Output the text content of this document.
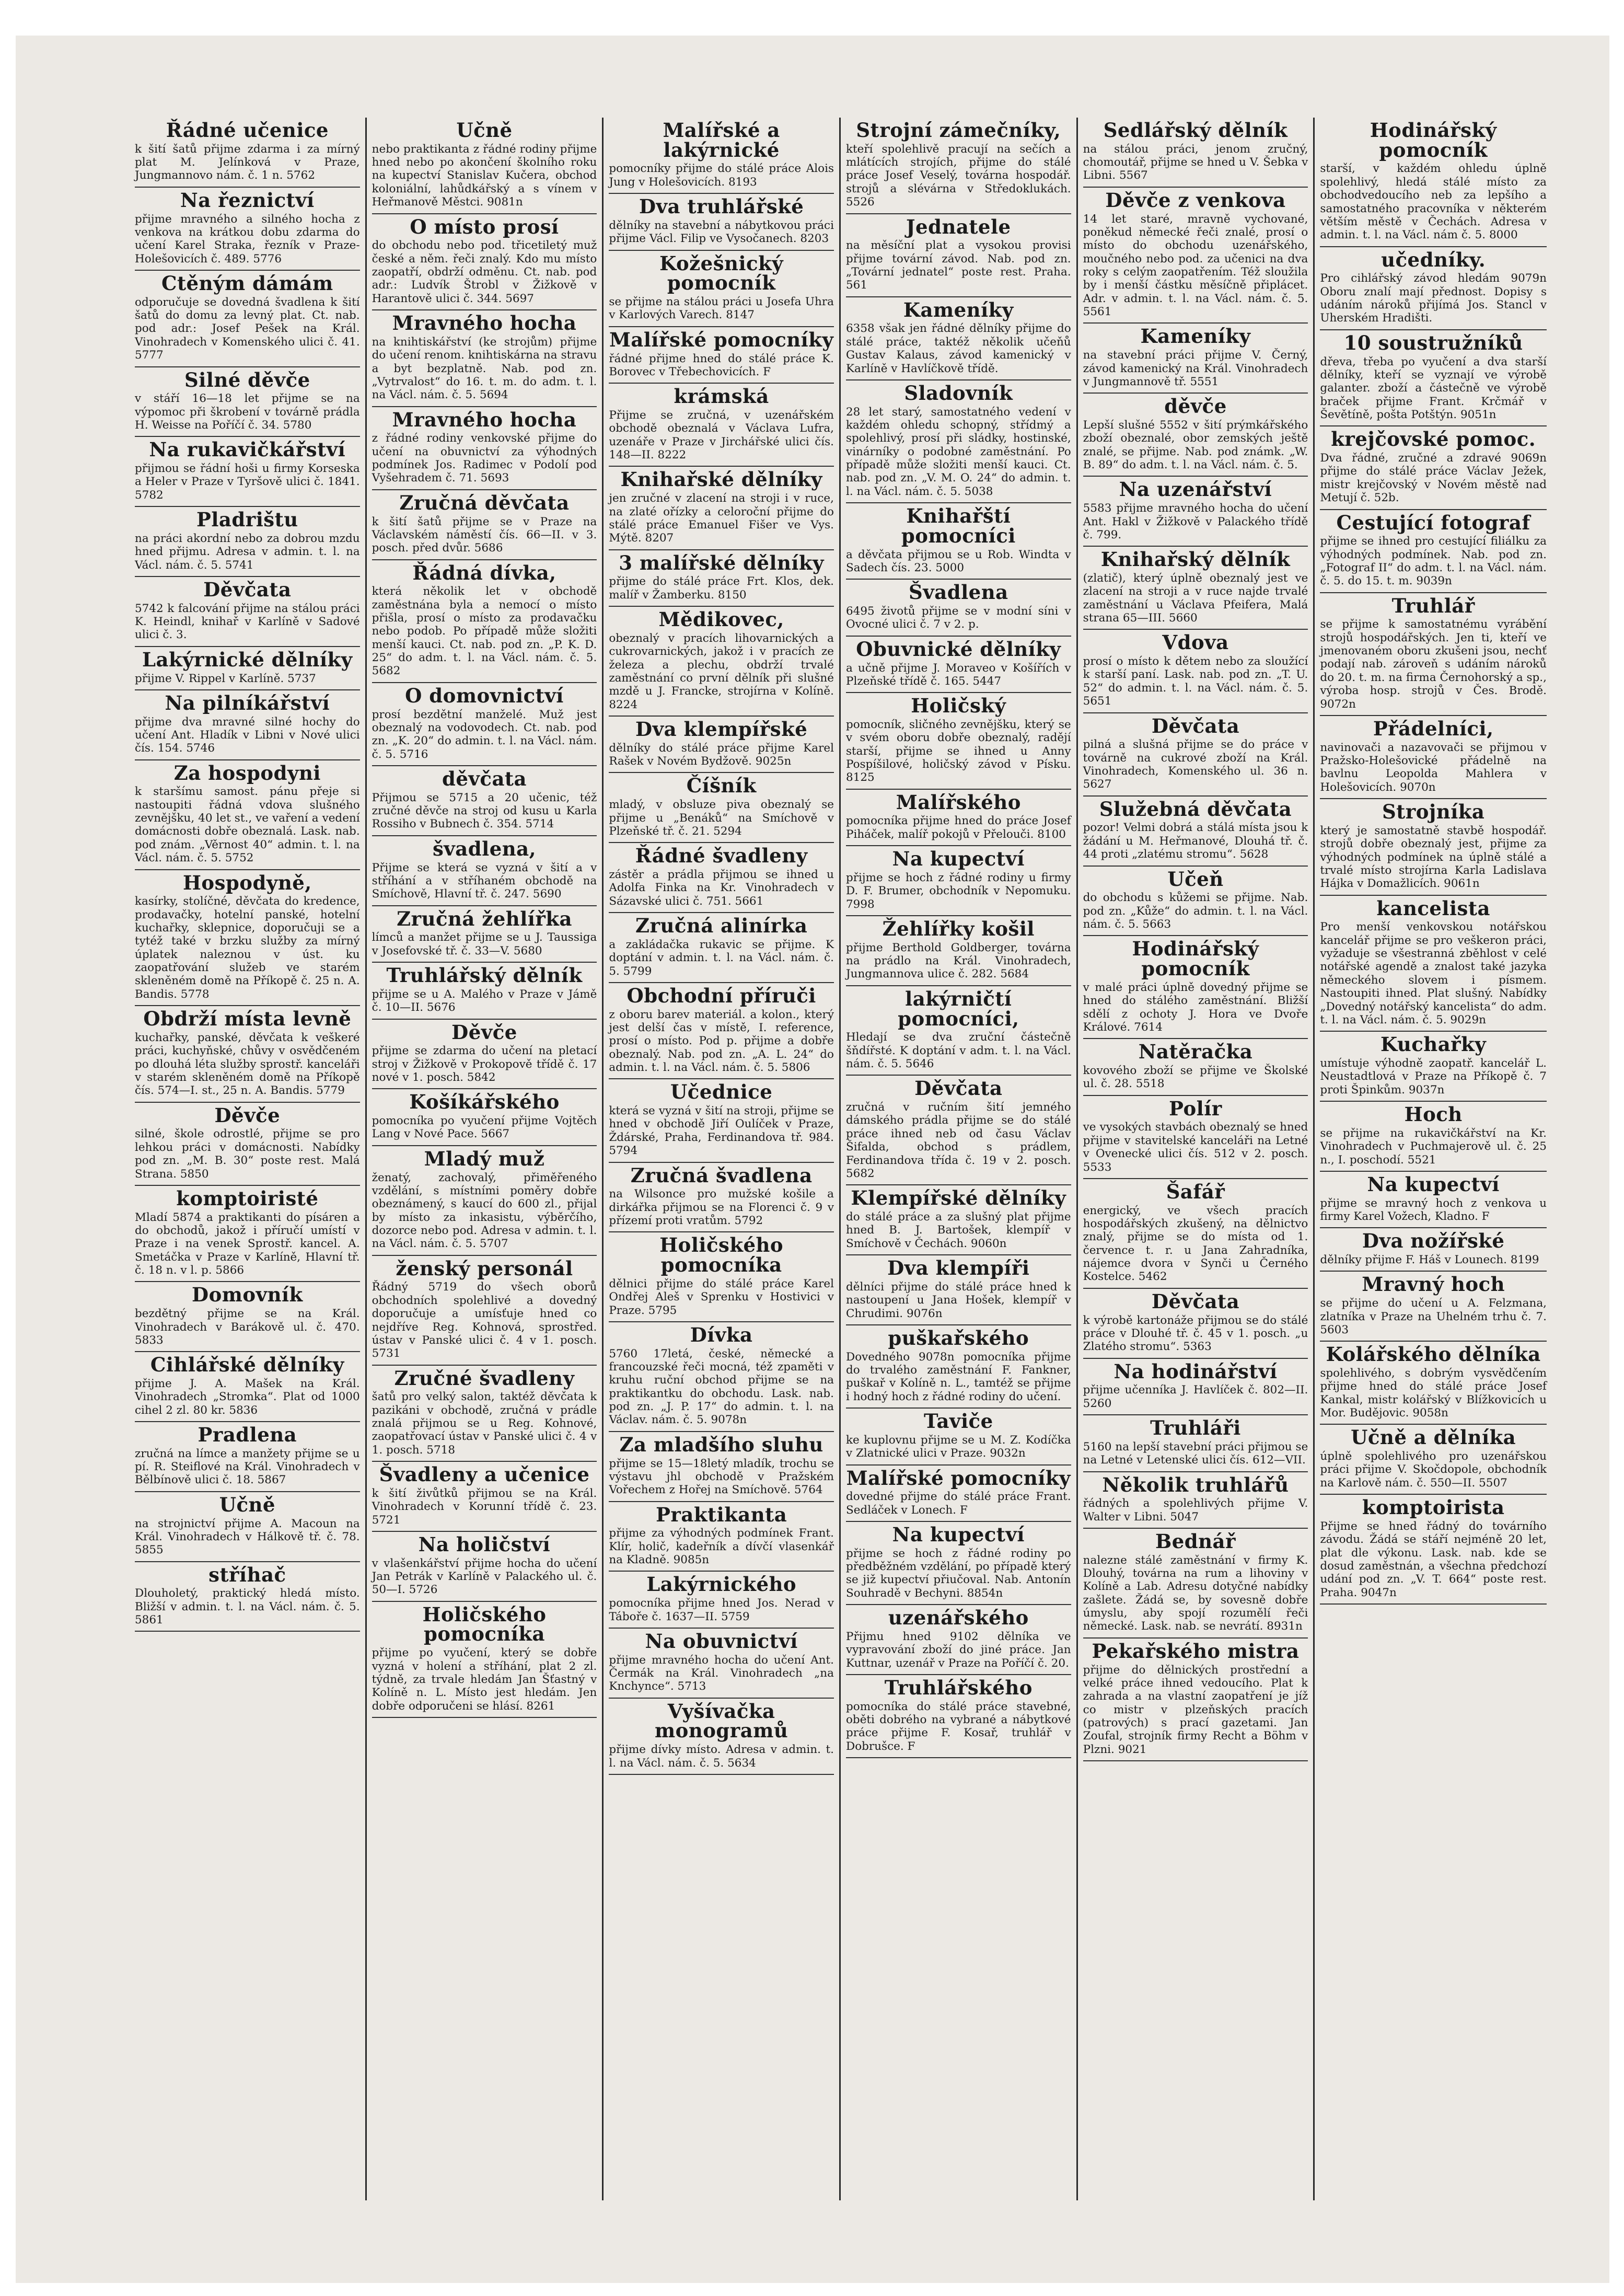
Řádné učenice

k šití šatů přijme zdarma i za mírný plat M. Jelínková v Praze, Jungmannovo nám. č. 1 n. 5762

Na řeznictví

přijme mravného a silného hocha z venkova na krátkou dobu zdarma do učení Karel Straka, řezník v Praze-Holešovicích č. 489. 5776

Ctěným dámám

odporučuje se dovedná švadlena k šití šatů do domu za levný plat. Ct. nab. pod adr.: Josef Pešek na Král. Vinohradech v Komenského ulici č. 41. 5777

Silné děvče

v stáří 16—18 let přijme se na výpomoc při škrobení v továrně prádla H. Weisse na Poříčí č. 34. 5780

Na rukavičkářství

přijmou se řádní hoši u firmy Korseska a Heler v Praze v Tyršově ulici č. 1841. 5782

Pladrištu

na práci akordní nebo za dobrou mzdu hned přijmu. Adresa v admin. t. l. na Václ. nám. č. 5. 5741

Děvčata

5742 k falcování přijme na stálou práci K. Heindl, knihař v Karlíně v Sadové ulici č. 3.

Lakýrnické dělníky

přijme V. Rippel v Karlíně. 5737

Na pilníkářství

přijme dva mravné silné hochy do učení Ant. Hladík v Libni v Nové ulici čís. 154. 5746

Za hospodyni

k staršímu samost. pánu přeje si nastoupiti řádná vdova slušného zevnějšku, 40 let st., ve vaření a vedení domácnosti dobře obeznalá. Lask. nab. pod znám. „Věrnost 40“ admin. t. l. na Václ. nám. č. 5. 5752

Hospodyně,

kasírky, stolíčné, děvčata do kredence, prodavačky, hotelní panské, hotelní kuchařky, sklepnice, doporučuji se a tytéž také v brzku služby za mírný úplatek naleznou v úst. ku zaopatřování služeb ve starém skleněném domě na Příkopě č. 25 n. A. Bandis. 5778

Obdrží místa levně

kuchařky, panské, děvčata k veškeré práci, kuchyňské, chůvy v osvědčeném po dlouhá léta služby sprostř. kanceláři v starém skleněném domě na Příkopě čís. 574—I. st., 25 n. A. Bandis. 5779

Děvče

silné, škole odrostlé, přijme se pro lehkou práci v domácnosti. Nabídky pod zn. „M. B. 30“ poste rest. Malá Strana. 5850

komptoiristé

Mladí 5874 a praktikanti do písáren a do obchodů, jakož i příručí umístí v Praze i na venek Sprostř. kancel. A. Smetáčka v Praze v Karlíně, Hlavní tř. č. 18 n. v l. p. 5866

Domovník

bezdětný přijme se na Král. Vinohradech v Barákově ul. č. 470. 5833

Cihlářské dělníky

přijme J. A. Mašek na Král. Vinohradech „Stromka“. Plat od 1000 cihel 2 zl. 80 kr. 5836

Pradlena

zručná na límce a manžety přijme se u pí. R. Steiflové na Král. Vinohradech v Bělbínově ulici č. 18. 5867

Učně

na strojnictví přijme A. Macoun na Král. Vinohradech v Hálkově tř. č. 78. 5855

stříhač

Dlouholetý, praktický hledá místo. Bližší v admin. t. l. na Václ. nám. č. 5. 5861

Učně

nebo praktikanta z řádné rodiny přijme hned nebo po akončení školního roku na kupectví Stanislav Kučera, obchod koloniální, lahůdkářský a s vínem v Heřmanově Městci. 9081n

O místo prosí

do obchodu nebo pod. třicetiletý muž české a něm. řeči znalý. Kdo mu místo zaopatří, obdrží odměnu. Ct. nab. pod adr.: Ludvík Štrobl v Žižkově v Harantově ulici č. 344. 5697

Mravného hocha

na knihtiskářství (ke strojům) přijme do učení renom. knihtiskárna na stravu a byt bezplatně. Nab. pod zn. „Vytrvalost“ do 16. t. m. do adm. t. l. na Václ. nám. č. 5. 5694

Mravného hocha

z řádné rodiny venkovské přijme do učení na obuvnictví za výhodných podmínek Jos. Radimec v Podolí pod Vyšehradem č. 71. 5693

Zručná děvčata

k šití šatů přijme se v Praze na Václavském náměstí čís. 66—II. v 3. posch. před dvůr. 5686

Řádná dívka,

která několik let v obchodě zaměstnána byla a nemocí o místo přišla, prosí o místo za prodavačku nebo podob. Po případě může složiti menší kauci. Ct. nab. pod zn. „P. K. D. 25“ do adm. t. l. na Václ. nám. č. 5. 5682

O domovnictví

prosí bezdětní manželé. Muž jest obeznalý na vodovodech. Ct. nab. pod zn. „K. 20“ do admin. t. l. na Václ. nám. č. 5. 5716

děvčata

Přijmou se 5715 a 20 učenic, též zručné děvče na stroj od kusu u Karla Rossiho v Bubnech č. 354. 5714

švadlena,

Přijme se která se vyzná v šití a v stříhání a v stříhaném obchodě na Smíchově, Hlavní tř. č. 247. 5690

Zručná žehlířka

límců a manžet přijme se u J. Taussiga v Josefovské tř. č. 33—V. 5680

Truhlářský dělník

přijme se u A. Malého v Praze v Jámě č. 10—II. 5676

Děvče

přijme se zdarma do učení na pletací stroj v Žižkově v Prokopově třídě č. 17 nové v 1. posch. 5842

Košíkářského

pomocníka po vyučení přijme Vojtěch Lang v Nové Pace. 5667

Mladý muž

ženatý, zachovalý, přiměřeného vzdělání, s místními poměry dobře obeznámený, s kaucí do 600 zl., přijal by místo za inkasistu, výběrčího, dozorce nebo pod. Adresa v admin. t. l. na Václ. nám. č. 5. 5707

ženský personál

Řádný 5719 do všech oborů obchodních spolehlivé a dovedný doporučuje a umísťuje hned co nejdříve Reg. Kohnová, sprostřed. ústav v Panské ulici č. 4 v 1. posch. 5731

Zručné švadleny

šatů pro velký salon, taktéž děvčata k pazikáni v obchodě, zručná v prádle znalá přijmou se u Reg. Kohnové, zaopatřovací ústav v Panské ulici č. 4 v 1. posch. 5718

Švadleny a učenice

k šití živůtků přijmou se na Král. Vinohradech v Korunní třídě č. 23. 5721

Na holičství

v vlašenkářství přijme hocha do učení Jan Petrák v Karlíně v Palackého ul. č. 50—I. 5726

Holičského pomocníka

přijme po vyučení, který se dobře vyzná v holení a stříhání, plat 2 zl. týdně, za trvale hledám Jan Šťastný v Kolíně n. L. Místo jest hledám. Jen dobře odporučeni se hlásí. 8261

Malířské a lakýrnické

pomocníky přijme do stálé práce Alois Jung v Holešovicích. 8193

Dva truhlářské

dělníky na stavební a nábytkovou práci přijme Václ. Filip ve Vysočanech. 8203

Kožešnický pomocník

se přijme na stálou práci u Josefa Uhra v Karlových Varech. 8147

Malířské pomocníky

řádné přijme hned do stálé práce K. Borovec v Třebechovicích. F

krámská

Přijme se zručná, v uzenářském obchodě obeznalá v Václava Lufra, uzenáře v Praze v Jirchářské ulici čís. 148—II. 8222

Knihařské dělníky

jen zručné v zlacení na stroji i v ruce, na zlaté ořízky a celoroční přijme do stálé práce Emanuel Fišer ve Vys. Mýtě. 8207

3 malířské dělníky

přijme do stálé práce Frt. Klos, dek. malíř v Žamberku. 8150

Mědikovec,

obeznalý v pracích lihovarnických a cukrovarnických, jakož i v pracích ze železa a plechu, obdrží trvalé zaměstnání co první dělník při slušné mzdě u J. Francke, strojírna v Kolíně. 8224

Dva klempířské

dělníky do stálé práce přijme Karel Rašek v Novém Bydžově. 9025n

Číšník

mladý, v obsluze piva obeznalý se přijme u „Benáků“ na Smíchově v Plzeňské tř. č. 21. 5294

Řádné švadleny

zástěr a prádla přijmou se ihned u Adolfa Finka na Kr. Vinohradech v Sázavské ulici č. 751. 5661

Zručná alinírka

a zakládačka rukavic se přijme. K doptání v admin. t. l. na Václ. nám. č. 5. 5799

Obchodní příruči

z oboru barev materiál. a kolon., který jest delší čas v místě, I. reference, prosí o místo. Pod p. přijme a dobře obeznalý. Nab. pod zn. „A. L. 24“ do admin. t. l. na Václ. nám. č. 5. 5806

Učednice

která se vyzná v šití na stroji, přijme se hned v obchodě Jiří Oulíček v Praze, Ždárské, Praha, Ferdinandova tř. 984. 5794

Zručná švadlena

na Wilsonce pro mužské košile a dirkářka přijmou se na Florenci č. 9 v přízemí proti vratům. 5792

Holičského pomocníka

dělnici přijme do stálé práce Karel Ondřej Aleš v Sprenku v Hostivici v Praze. 5795

Dívka

5760 17letá, české, německé a francouzské řeči mocná, též zpaměti v kruhu ruční obchod přijme se na praktikantku do obchodu. Lask. nab. pod zn. „J. P. 17“ do admin. t. l. na Václav. nám. č. 5. 9078n

Za mladšího sluhu

přijme se 15—18letý mladík, trochu se výstavu jhl obchodě v Pražském Vořechem z Hořej na Smíchově. 5764

Praktikanta

přijme za výhodných podmínek Frant. Klír, holič, kadeřník a dívčí vlasenkář na Kladně. 9085n

Lakýrnického

pomocníka přijme hned Jos. Nerad v Táboře č. 1637—II. 5759

Na obuvnictví

přijme mravného hocha do učení Ant. Čermák na Král. Vinohradech „na Knchynce“. 5713

Vyšívačka monogramů

přijme dívky místo. Adresa v admin. t. l. na Václ. nám. č. 5. 5634

Strojní zámečníky,

kteří spolehlivě pracují na sečích a mlátících strojích, přijme do stálé práce Josef Veselý, továrna hospodář. strojů a slévárna v Středoklukách. 5526

Jednatele

na měsíční plat a vysokou provisi přijme tovární závod. Nab. pod zn. „Tovární jednatel“ poste rest. Praha. 561

Kameníky

6358 však jen řádné dělníky přijme do stálé práce, taktéž několik učeňů Gustav Kalaus, závod kamenický v Karlíně v Havlíčkově třídě.

Sladovník

28 let starý, samostatného vedení v každém ohledu schopný, střídmý a spolehlivý, prosí při sládky, hostinské, vinárníky o podobné zaměstnání. Po případě může složiti menší kauci. Ct. nab. pod zn. „V. M. O. 24“ do admin. t. l. na Václ. nám. č. 5. 5038

Knihařští pomocníci

a děvčata přijmou se u Rob. Windta v Sadech čís. 23. 5000

Švadlena

6495 životů přijme se v modní síni v Ovocné ulici č. 7 v 2. p.

Obuvnické dělníky

a učně přijme J. Moraveo v Košířích v Plzeňské třídě č. 165. 5447

Holičský

pomocník, sličného zevnějšku, který se v svém oboru dobře obeznalý, radějí starší, přijme se ihned u Anny Pospíšilové, holičský závod v Písku. 8125

Malířského

pomocníka přijme hned do práce Josef Piháček, malíř pokojů v Přelouči. 8100

Na kupectví

přijme se hoch z řádné rodiny u firmy D. F. Brumer, obchodník v Nepomuku. 7998

Žehlířky košil

přijme Berthold Goldberger, továrna na prádlo na Král. Vinohradech, Jungmannova ulice č. 282. 5684

lakýrničtí pomocníci,

Hledají se dva zruční částečně šňdířsté. K doptání v adm. t. l. na Václ. nám. č. 5. 5646

Děvčata

zručná v ručním šití jemného dámského prádla přijme se do stálé práce ihned neb od času Václav Šifalda, obchod s prádlem, Ferdinandova třída č. 19 v 2. posch. 5682

Klempířské dělníky

do stálé práce a za slušný plat přijme hned B. J. Bartošek, klempíř v Smíchově v Čechách. 9060n

Dva klempíři

dělníci přijme do stálé práce hned k nastoupení u Jana Hošek, klempíř v Chrudimi. 9076n

puškařského

Dovedného 9078n pomocníka přijme do trvalého zaměstnání F. Fankner, puškař v Kolíně n. L., tamtéž se přijme i hodný hoch z řádné rodiny do učení.

Taviče

ke kuplovnu přijme se u M. Z. Kodíčka v Zlatnické ulici v Praze. 9032n

Malířské pomocníky

dovedné přijme do stálé práce Frant. Sedláček v Lonech. F

Na kupectví

přijme se hoch z řádné rodiny po předběžném vzdělání, po případě který se již kupectví přiučoval. Nab. Antonín Souhradě v Bechyni. 8854n

uzenářského

Přijmu hned 9102 dělníka ve vypravování zboží do jiné práce. Jan Kuttnar, uzenář v Praze na Poříčí č. 20.

Truhlářského

pomocníka do stálé práce stavebné, oběti dobrého na vybrané a nábytkové práce přijme F. Kosař, truhlář v Dobrušce. F

Sedlářský dělník

na stálou práci, jenom zručný, chomoutář, přijme se hned u V. Šebka v Libni. 5567

Děvče z venkova

14 let staré, mravně vychované, poněkud německé řeči znalé, prosí o místo do obchodu uzenářského, moučného nebo pod. za učenici na dva roky s celým zaopatřením. Též sloužila by i menší částku měsíčně připlácet. Adr. v admin. t. l. na Václ. nám. č. 5. 5561

Kameníky

na stavební práci přijme V. Černý, závod kamenický na Král. Vinohradech v Jungmannově tř. 5551

děvče

Lepší slušné 5552 v šití prýmkářského zboží obeznalé, obor zemských ještě znalé, se přijme. Nab. pod známk. „W. B. 89“ do adm. t. l. na Václ. nám. č. 5.

Na uzenářství

5583 přijme mravného hocha do učení Ant. Hakl v Žižkově v Palackého třídě č. 799.

Knihařský dělník

(zlatič), který úplně obeznalý jest ve zlacení na stroji a v ruce najde trvalé zaměstnání u Václava Pfeifera, Malá strana 65—III. 5660

Vdova

prosí o místo k dětem nebo za sloužící k starší paní. Lask. nab. pod zn. „T. U. 52“ do admin. t. l. na Václ. nám. č. 5. 5651

Děvčata

pilná a slušná přijme se do práce v továrně na cukrové zboží na Král. Vinohradech, Komenského ul. 36 n. 5627

Služebná děvčata

pozor! Velmi dobrá a stálá místa jsou k žádání u M. Heřmanové, Dlouhá tř. č. 44 proti „zlatému stromu“. 5628

Učeň

do obchodu s kůžemi se přijme. Nab. pod zn. „Kůže“ do admin. t. l. na Václ. nám. č. 5. 5663

Hodinářský pomocník

v malé práci úplně dovedný přijme se hned do stálého zaměstnání. Bližší sdělí z ochoty J. Hora ve Dvoře Králové. 7614

Natěračka

kovového zboží se přijme ve Školské ul. č. 28. 5518

Polír

ve vysokých stavbách obeznalý se hned přijme v stavitelské kanceláři na Letné v Ovenecké ulici čís. 512 v 2. posch. 5533

Šafář

energický, ve všech pracích hospodářských zkušený, na dělnictvo znalý, přijme se do místa od 1. července t. r. u Jana Zahradníka, nájemce dvora v Synči u Černého Kostelce. 5462

Děvčata

k výrobě kartonáže přijmou se do stálé práce v Dlouhé tř. č. 45 v 1. posch. „u Zlatého stromu“. 5363

Na hodinářství

přijme učenníka J. Havlíček č. 802—II. 5260

Truhláři

5160 na lepší stavební práci přijmou se na Letné v Letenské ulici čís. 612—VII.

Několik truhlářů

řádných a spolehlivých přijme V. Walter v Libni. 5047

Bednář

nalezne stálé zaměstnání v firmy K. Dlouhý, továrna na rum a lihoviny v Kolíně a Lab. Adresu dotyčné nabídky zašlete. Žádá se, by sovesně dobře úmyslu, aby spojí rozumělí řeči německé. Lask. nab. se nevrátí. 8931n

Pekařského mistra

přijme do dělnických prostřední a velké práce ihned vedoucího. Plat k zahrada a na vlastní zaopatření je jíž co mistr v plzeňských pracích (patrových) s prací gazetami. Jan Zoufal, strojník firmy Recht a Böhm v Plzni. 9021

Hodinářský pomocník

starší, v každém ohledu úplně spolehlivý, hledá stálé místo za obchodvedoucího neb za lepšího a samostatného pracovníka v některém větším městě v Čechách. Adresa v admin. t. l. na Václ. nám č. 5. 8000

učedníky.

Pro cihlářský závod hledám 9079n Oboru znalí mají přednost. Dopisy s udáním nároků přijímá Jos. Stancl v Uherském Hradišti.

10 soustružníků

dřeva, třeba po vyučení a dva starší dělníky, kteří se vyznají ve výrobě galanter. zboží a částečně ve výrobě braček přijme Frant. Krčmář v Ševětíně, pošta Potštýn. 9051n

krejčovské pomoc.

Dva řádné, zručné a zdravé 9069n přijme do stálé práce Václav Ježek, mistr krejčovský v Novém městě nad Metují č. 52b.

Cestující fotograf

přijme se ihned pro cestující filiálku za výhodných podmínek. Nab. pod zn. „Fotograf II“ do adm. t. l. na Václ. nám. č. 5. do 15. t. m. 9039n

Truhlář

se přijme k samostatnému vyrábění strojů hospodářských. Jen ti, kteří ve jmenovaném oboru zkušeni jsou, nechť podají nab. zároveň s udáním nároků do 20. t. m. na firma Černohorský a sp., výroba hosp. strojů v Čes. Brodě. 9072n

Přádelníci,

navinovači a nazavovači se přijmou v Pražsko-Holešovické přádelně na bavlnu Leopolda Mahlera v Holešovicích. 9070n

Strojníka

který je samostatně stavbě hospodář. strojů dobře obeznalý jest, přijme za výhodných podmínek na úplně stálé a trvalé místo strojírna Karla Ladislava Hájka v Domažlicích. 9061n

kancelista

Pro menší venkovskou notářskou kancelář přijme se pro veškeron práci, vyžaduje se všestranná zběhlost v celé notářské agendě a znalost také jazyka německého slovem i písmem. Nastoupiti ihned. Plat slušný. Nabídky „Dovedný notářský kancelista“ do adm. t. l. na Václ. nám. č. 5. 9029n

Kuchařky

umístuje výhodně zaopatř. kancelář L. Neustadtlová v Praze na Příkopě č. 7 proti Špinkům. 9037n

Hoch

se přijme na rukavičkářství na Kr. Vinohradech v Puchmajerově ul. č. 25 n., I. poschodí. 5521

Na kupectví

přijme se mravný hoch z venkova u firmy Karel Vožech, Kladno. F

Dva nožířské

dělníky přijme F. Háš v Lounech. 8199

Mravný hoch

se přijme do učení u A. Felzmana, zlatníka v Praze na Uhelném trhu č. 7. 5603

Kolářského dělníka

spolehlivého, s dobrým vysvědčením přijme hned do stálé práce Josef Kankal, mistr kolářský v Blížkovicích u Mor. Budějovic. 9058n

Učně a dělníka

úplně spolehlivého pro uzenářskou práci přijme V. Skočdopole, obchodník na Karlově nám. č. 550—II. 5507

komptoirista

Přijme se hned řádný do továrního závodu. Žádá se stáří nejméně 20 let, plat dle výkonu. Lask. nab. kde se dosud zaměstnán, a všechna předchozí udání pod zn. „V. T. 664“ poste rest. Praha. 9047n
